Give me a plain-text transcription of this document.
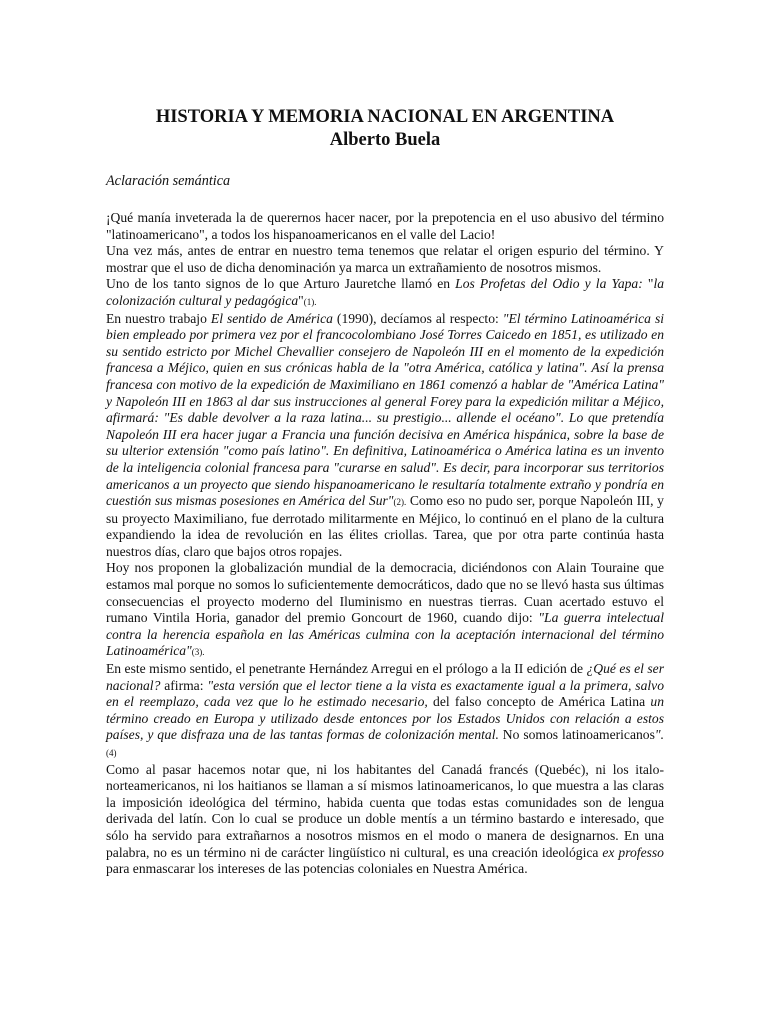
HISTORIA Y MEMORIA NACIONAL EN ARGENTINA
Alberto Buela
Aclaración semántica

¡Qué manía inveterada la de querernos hacer nacer, por la prepotencia en el uso abusivo del término "latinoamericano", a todos los hispanoamericanos en el valle del Lacio!

Una vez más, antes de entrar en nuestro tema tenemos que relatar el origen espurio del término. Y mostrar que el uso de dicha denominación ya marca un extrañamiento de nosotros mismos.

Uno de los tanto signos de lo que Arturo Jauretche llamó en Los Profetas del Odio y la Yapa: "la colonización cultural y pedagógica"(1).

En nuestro trabajo El sentido de América (1990), decíamos al respecto: "El término Latinoamérica si bien empleado por primera vez por el francocolombiano José Torres Caicedo en 1851, es utilizado en su sentido estricto por Michel Chevallier consejero de Napoleón III en el momento de la expedición francesa a Méjico, quien en sus crónicas habla de la "otra América, católica y latina". Así la prensa francesa con motivo de la expedición de Maximiliano en 1861 comenzó a hablar de "América Latina" y Napoleón III en 1863 al dar sus instrucciones al general Forey para la expedición militar a Méjico, afirmará: "Es dable devolver a la raza latina... su prestigio... allende el océano". Lo que pretendía Napoleón III era hacer jugar a Francia una función decisiva en América hispánica, sobre la base de su ulterior extensión "como país latino". En definitiva, Latinoamérica o América latina es un invento de la inteligencia colonial francesa para "curarse en salud". Es decir, para incorporar sus territorios americanos a un proyecto que siendo hispanoamericano le resultaría totalmente extraño y pondría en cuestión sus mismas posesiones en América del Sur"(2). Como eso no pudo ser, porque Napoleón III, y su proyecto Maximiliano, fue derrotado militarmente en Méjico, lo continuó en el plano de la cultura expandiendo la idea de revolución en las élites criollas. Tarea, que por otra parte continúa hasta nuestros días, claro que bajos otros ropajes.

Hoy nos proponen la globalización mundial de la democracia, diciéndonos con Alain Touraine que estamos mal porque no somos lo suficientemente democráticos, dado que no se llevó hasta sus últimas consecuencias el proyecto moderno del Iluminismo en nuestras tierras. Cuan acertado estuvo el rumano Vintila Horia, ganador del premio Goncourt de 1960, cuando dijo: "La guerra intelectual contra la herencia española en las Américas culmina con la aceptación internacional del término Latinoamérica"(3).

En este mismo sentido, el penetrante Hernández Arregui en el prólogo a la II edición de ¿Qué es el ser nacional? afirma: "esta versión que el lector tiene a la vista es exactamente igual a la primera, salvo en el reemplazo, cada vez que lo he estimado necesario, del falso concepto de América Latina un término creado en Europa y utilizado desde entonces por los Estados Unidos con relación a estos países, y que disfraza una de las tantas formas de colonización mental. No somos latinoamericanos".(4)

Como al pasar hacemos notar que, ni los habitantes del Canadá francés (Quebéc), ni los italo-norteamericanos, ni los haitianos se llaman a sí mismos latinoamericanos, lo que muestra a las claras la imposición ideológica del término, habida cuenta que todas estas comunidades son de lengua derivada del latín. Con lo cual se produce un doble mentís a un término bastardo e interesado, que sólo ha servido para extrañarnos a nosotros mismos en el modo o manera de designarnos. En una palabra, no es un término ni de carácter lingüístico ni cultural, es una creación ideológica ex professo para enmascarar los intereses de las potencias coloniales en Nuestra América.
